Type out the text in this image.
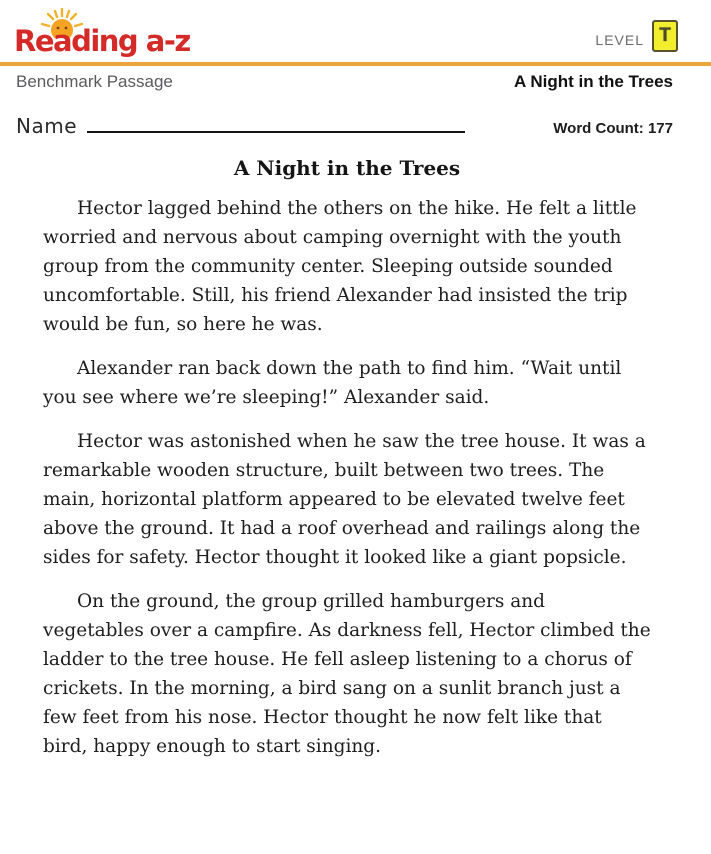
Reading a-z	LEVEL T
Benchmark Passage	A Night in the Trees
Name	Word Count: 177
A Night in the Trees

Hector lagged behind the others on the hike. He felt a little worried and nervous about camping overnight with the youth group from the community center. Sleeping outside sounded uncomfortable. Still, his friend Alexander had insisted the trip would be fun, so here he was.

Alexander ran back down the path to find him. “Wait until you see where we’re sleeping!” Alexander said.

Hector was astonished when he saw the tree house. It was a remarkable wooden structure, built between two trees. The main, horizontal platform appeared to be elevated twelve feet above the ground. It had a roof overhead and railings along the sides for safety. Hector thought it looked like a giant popsicle.

On the ground, the group grilled hamburgers and vegetables over a campfire. As darkness fell, Hector climbed the ladder to the tree house. He fell asleep listening to a chorus of crickets. In the morning, a bird sang on a sunlit branch just a few feet from his nose. Hector thought he now felt like that bird, happy enough to start singing.
